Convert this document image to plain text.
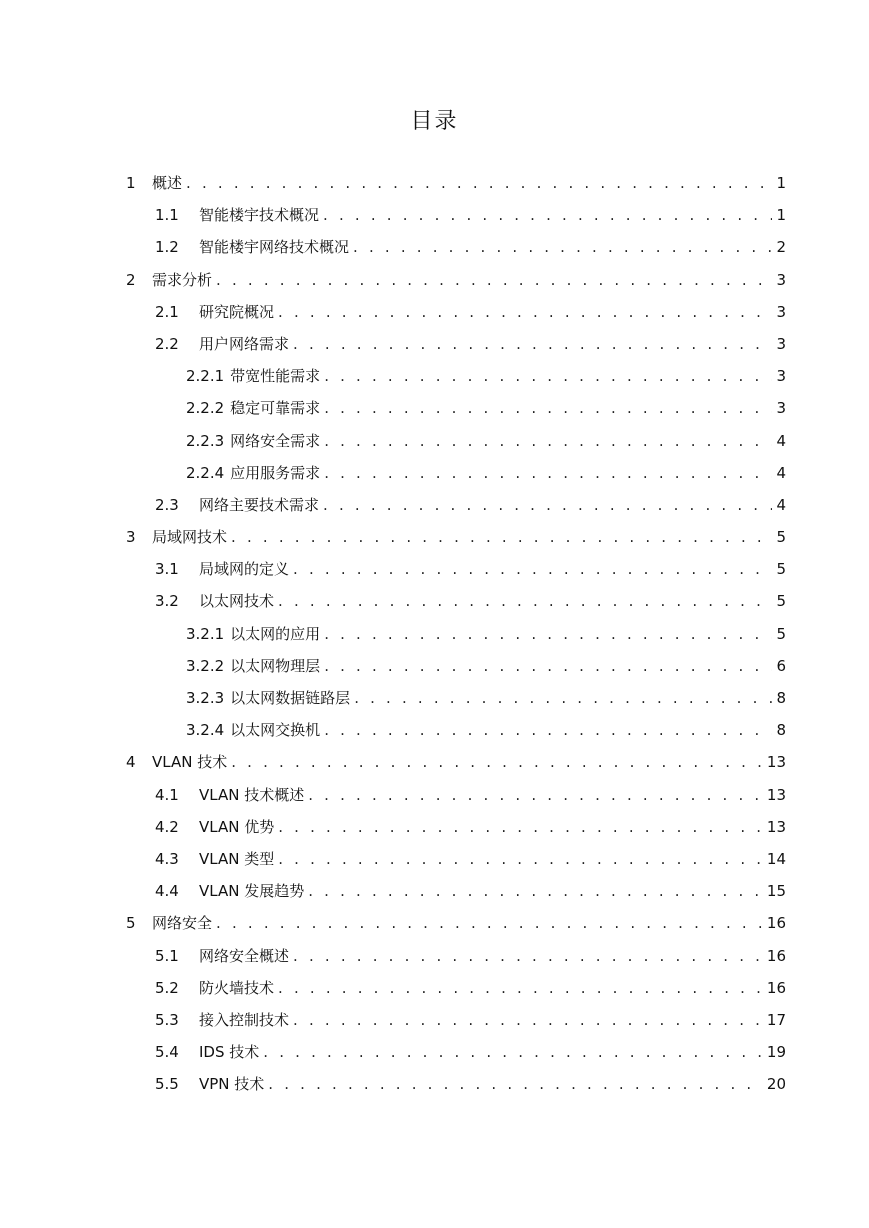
目录
1	概述 . . .	1
1.1	智能楼宇技术概况 . . .	1
1.2	智能楼宇网络技术概况 . . .	2
2	需求分析 . . .	3
2.1	研究院概况 . . .	3
2.2	用户网络需求 . . .	3
2.2.1 带宽性能需求 . . .	3
2.2.2 稳定可靠需求 . . .	3
2.2.3 网络安全需求 . . .	4
2.2.4 应用服务需求 . . .	4
2.3	网络主要技术需求 . . .	4
3	局域网技术 . . .	5
3.1	局域网的定义 . . .	5
3.2	以太网技术 . . .	5
3.2.1 以太网的应用 . . .	5
3.2.2 以太网物理层 . . .	6
3.2.3 以太网数据链路层 . . .	8
3.2.4 以太网交换机 . . .	8
4	VLAN 技术 . . .	13
4.1	VLAN 技术概述 . . .	13
4.2	VLAN 优势 . . .	13
4.3	VLAN 类型 . . .	14
4.4	VLAN 发展趋势 . . .	15
5	网络安全 . . .	16
5.1	网络安全概述 . . .	16
5.2	防火墙技术 . . .	16
5.3	接入控制技术 . . .	17
5.4	IDS 技术 . . .	19
5.5	VPN 技术 . . .	20
